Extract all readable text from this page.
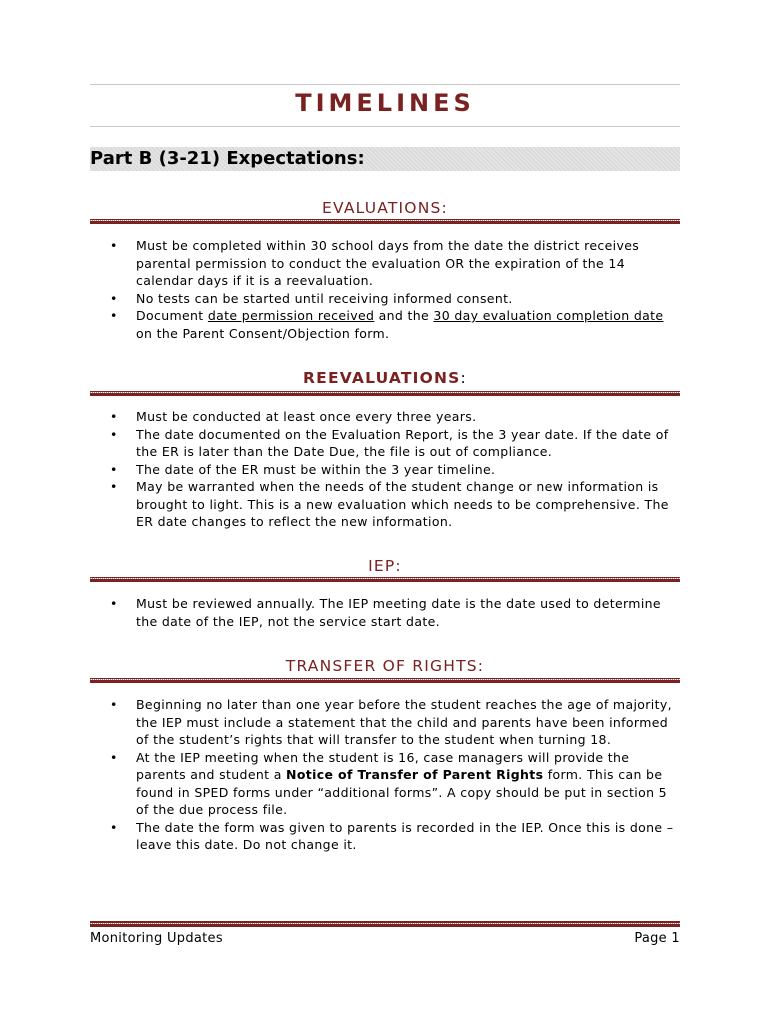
TIMELINES
Part B (3-21) Expectations:
EVALUATIONS:
• Must be completed within 30 school days from the date the district receives parental permission to conduct the evaluation OR the expiration of the 14 calendar days if it is a reevaluation.
• No tests can be started until receiving informed consent.
• Document date permission received and the 30 day evaluation completion date on the Parent Consent/Objection form.
REEVALUATIONS:
• Must be conducted at least once every three years.
• The date documented on the Evaluation Report, is the 3 year date. If the date of the ER is later than the Date Due, the file is out of compliance.
• The date of the ER must be within the 3 year timeline.
• May be warranted when the needs of the student change or new information is brought to light. This is a new evaluation which needs to be comprehensive. The ER date changes to reflect the new information.
IEP:
• Must be reviewed annually. The IEP meeting date is the date used to determine the date of the IEP, not the service start date.
TRANSFER OF RIGHTS:
• Beginning no later than one year before the student reaches the age of majority, the IEP must include a statement that the child and parents have been informed of the student’s rights that will transfer to the student when turning 18.
• At the IEP meeting when the student is 16, case managers will provide the parents and student a Notice of Transfer of Parent Rights form. This can be found in SPED forms under “additional forms”. A copy should be put in section 5 of the due process file.
• The date the form was given to parents is recorded in the IEP. Once this is done – leave this date. Do not change it.
Monitoring Updates	Page 1
